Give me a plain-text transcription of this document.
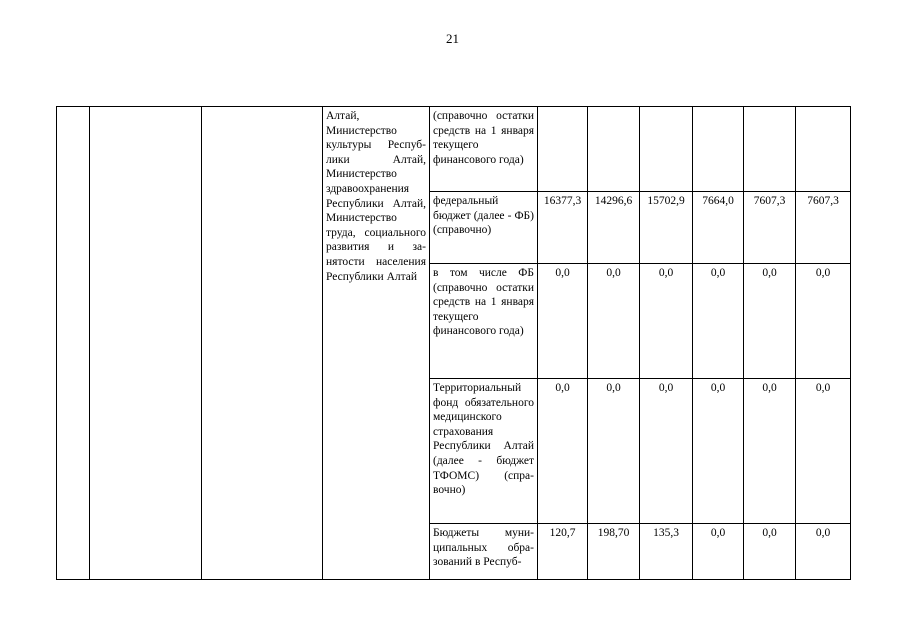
21
			Алтай, Министерство культуры Республики Алтай, Министерство здравоохранения Республики Алтай, Министерство труда, социального развития и занятости населения Республики Алтай	(справочно остатки средств на 1 января текущего финансового года)						
				федеральный бюджет (далее - ФБ) (справочно)	16377,3	14296,6	15702,9	7664,0	7607,3	7607,3
				в том числе ФБ (справочно остатки средств на 1 января текущего финансового года)	0,0	0,0	0,0	0,0	0,0	0,0
				Территориальный фонд обязательного медицинского страхования Республики Алтай (далее - бюджет ТФОМС) (справочно)	0,0	0,0	0,0	0,0	0,0	0,0
				Бюджеты муниципальных образований в Респуб-	120,7	198,70	135,3	0,0	0,0	0,0
